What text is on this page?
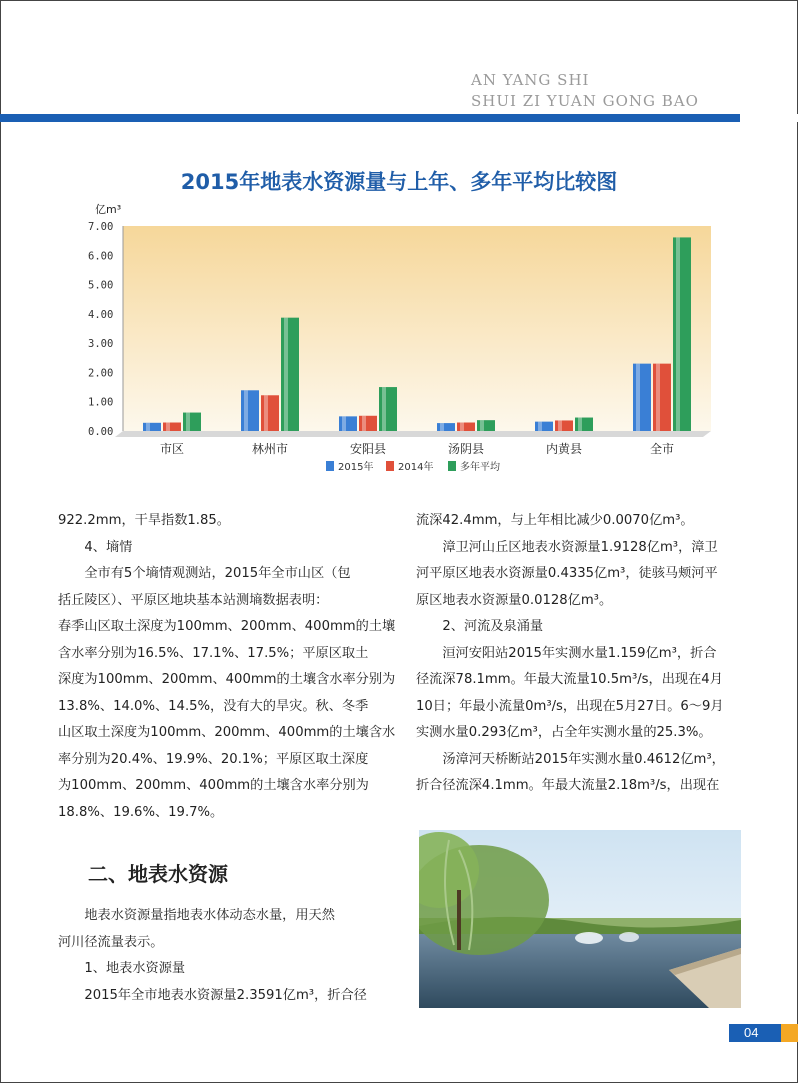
AN YANG SHI
SHUI ZI YUAN GONG BAO
2015年地表水资源量与上年、多年平均比较图
亿m³
0.00
1.00
2.00
3.00
4.00
5.00
6.00
7.00
市区	林州市	安阳县	汤阴县	内黄县	全市
2015年 2014年	多年平均
922.2mm，干旱指数1.85。
　　4、墒情
　　全市有5个墒情观测站，2015年全市山区（包
括丘陵区）、平原区地块基本站测墒数据表明：
春季山区取土深度为100mm、200mm、400mm的土壤
含水率分别为16.5%、17.1%、17.5%；平原区取土
深度为100mm、200mm、400mm的土壤含水率分别为
13.8%、14.0%、14.5%，没有大的旱灾。秋、冬季
山区取土深度为100mm、200mm、400mm的土壤含水
率分别为20.4%、19.9%、20.1%；平原区取土深度
为100mm、200mm、400mm的土壤含水率分别为
18.8%、19.6%、19.7%。
二、地表水资源
　　地表水资源量指地表水体动态水量，用天然
河川径流量表示。
　　1、地表水资源量
　　2015年全市地表水资源量2.3591亿m³，折合径
流深42.4mm，与上年相比减少0.0070亿m³。
　　漳卫河山丘区地表水资源量1.9128亿m³，漳卫
河平原区地表水资源量0.4335亿m³，徒骇马颊河平
原区地表水资源量0.0128亿m³。
　　2、河流及泉涌量
　　洹河安阳站2015年实测水量1.159亿m³，折合
径流深78.1mm。年最大流量10.5m³/s，出现在4月
10日；年最小流量0m³/s，出现在5月27日。6～9月
实测水量0.293亿m³，占全年实测水量的25.3%。
　　汤漳河天桥断站2015年实测水量0.4612亿m³，
折合径流深4.1mm。年最大流量2.18m³/s，出现在
04
